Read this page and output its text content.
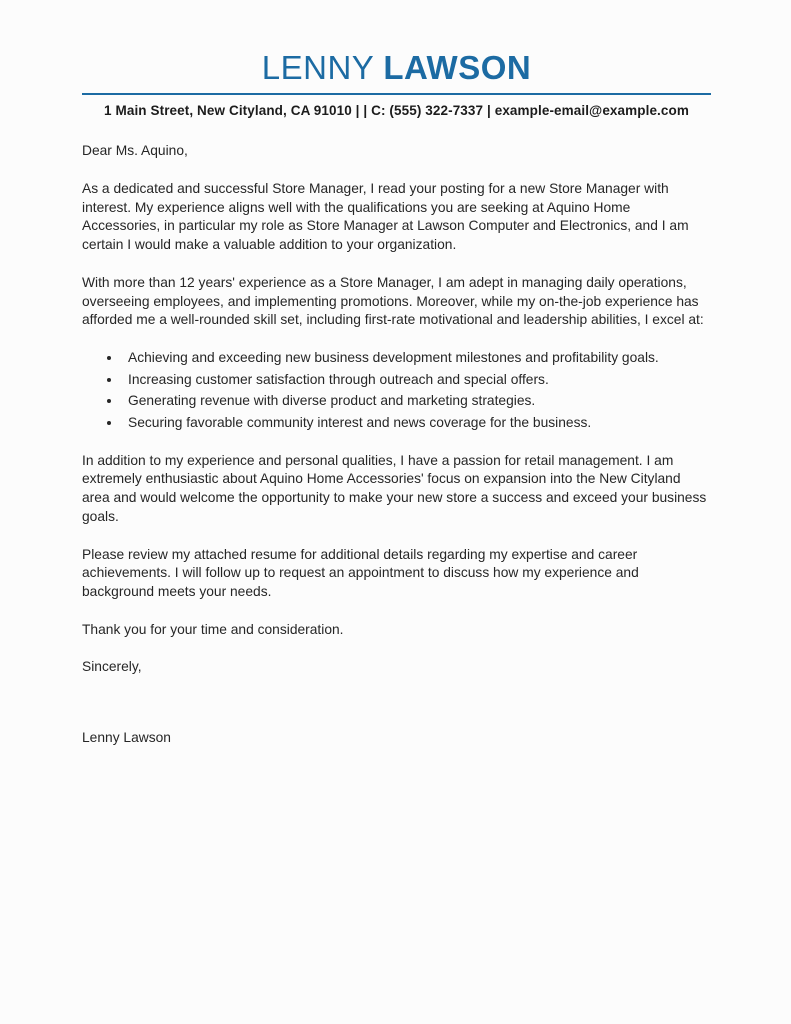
LENNY LAWSON
1 Main Street, New Cityland, CA 91010 | | C: (555) 322-7337 | example-email@example.com

Dear Ms. Aquino,

As a dedicated and successful Store Manager, I read your posting for a new Store Manager with interest. My experience aligns well with the qualifications you are seeking at Aquino Home Accessories, in particular my role as Store Manager at Lawson Computer and Electronics, and I am certain I would make a valuable addition to your organization.

With more than 12 years' experience as a Store Manager, I am adept in managing daily operations, overseeing employees, and implementing promotions. Moreover, while my on-the-job experience has afforded me a well-rounded skill set, including first-rate motivational and leadership abilities, I excel at:

• Achieving and exceeding new business development milestones and profitability goals.
• Increasing customer satisfaction through outreach and special offers.
• Generating revenue with diverse product and marketing strategies.
• Securing favorable community interest and news coverage for the business.

In addition to my experience and personal qualities, I have a passion for retail management. I am extremely enthusiastic about Aquino Home Accessories' focus on expansion into the New Cityland area and would welcome the opportunity to make your new store a success and exceed your business goals.

Please review my attached resume for additional details regarding my expertise and career achievements. I will follow up to request an appointment to discuss how my experience and background meets your needs.

Thank you for your time and consideration.

Sincerely,

Lenny Lawson
